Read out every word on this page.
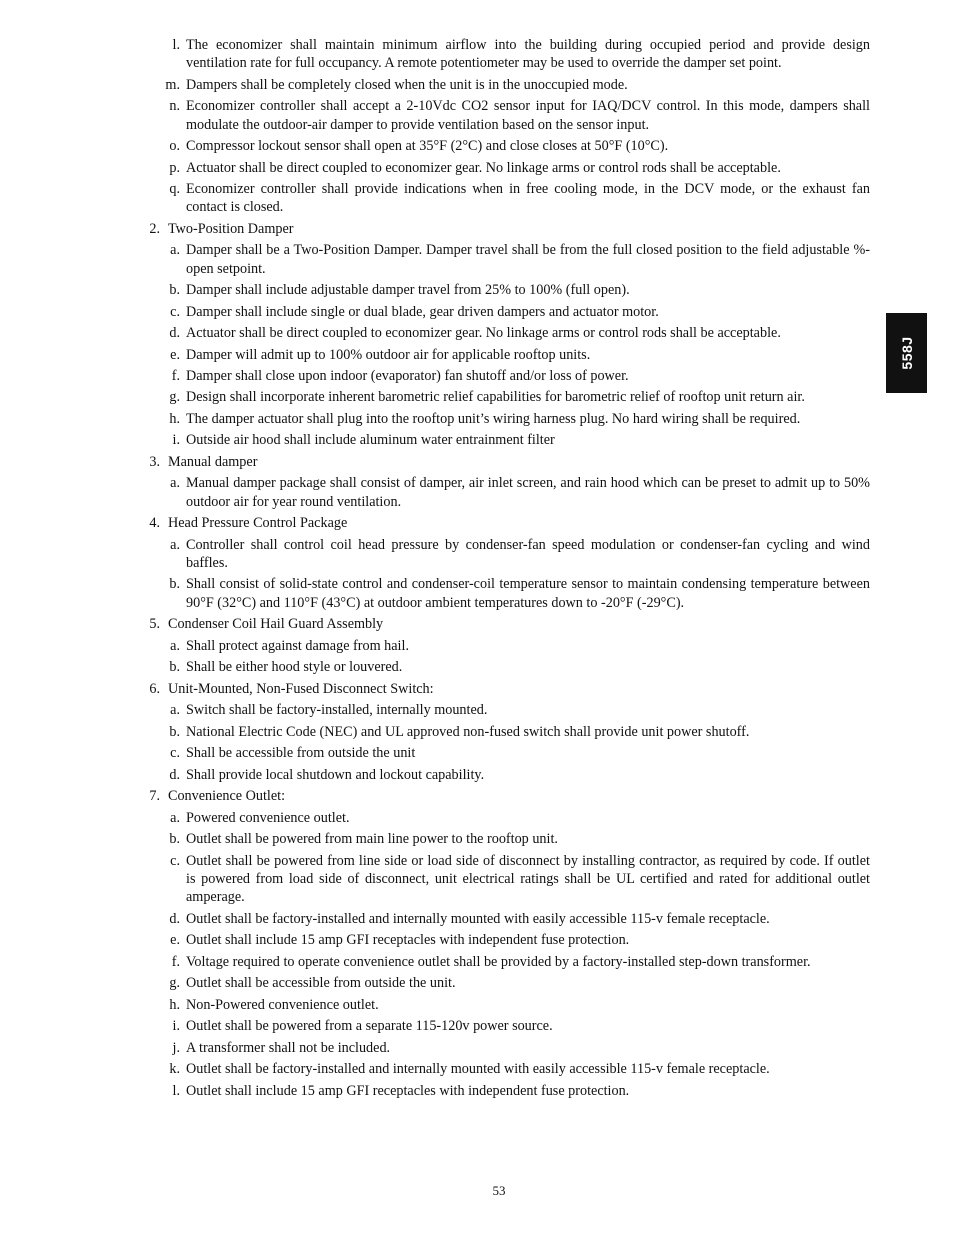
l. The economizer shall maintain minimum airflow into the building during occupied period and provide design ventilation rate for full occupancy. A remote potentiometer may be used to override the damper set point.
m. Dampers shall be completely closed when the unit is in the unoccupied mode.
n. Economizer controller shall accept a 2-10Vdc CO2 sensor input for IAQ/DCV control. In this mode, dampers shall modulate the outdoor-air damper to provide ventilation based on the sensor input.
o. Compressor lockout sensor shall open at 35°F (2°C) and close closes at 50°F (10°C).
p. Actuator shall be direct coupled to economizer gear. No linkage arms or control rods shall be acceptable.
q. Economizer controller shall provide indications when in free cooling mode, in the DCV mode, or the exhaust fan contact is closed.
2. Two-Position Damper
a. Damper shall be a Two-Position Damper. Damper travel shall be from the full closed position to the field adjustable %-open setpoint.
b. Damper shall include adjustable damper travel from 25% to 100% (full open).
c. Damper shall include single or dual blade, gear driven dampers and actuator motor.
d. Actuator shall be direct coupled to economizer gear. No linkage arms or control rods shall be acceptable.
e. Damper will admit up to 100% outdoor air for applicable rooftop units.
f. Damper shall close upon indoor (evaporator) fan shutoff and/or loss of power.
g. Design shall incorporate inherent barometric relief capabilities for barometric relief of rooftop unit return air.
h. The damper actuator shall plug into the rooftop unit’s wiring harness plug. No hard wiring shall be required.
i. Outside air hood shall include aluminum water entrainment filter
3. Manual damper
a. Manual damper package shall consist of damper, air inlet screen, and rain hood which can be preset to admit up to 50% outdoor air for year round ventilation.
4. Head Pressure Control Package
a. Controller shall control coil head pressure by condenser-fan speed modulation or condenser-fan cycling and wind baffles.
b. Shall consist of solid-state control and condenser-coil temperature sensor to maintain condensing temperature between 90°F (32°C) and 110°F (43°C) at outdoor ambient temperatures down to -20°F (-29°C).
5. Condenser Coil Hail Guard Assembly
a. Shall protect against damage from hail.
b. Shall be either hood style or louvered.
6. Unit-Mounted, Non-Fused Disconnect Switch:
a. Switch shall be factory-installed, internally mounted.
b. National Electric Code (NEC) and UL approved non-fused switch shall provide unit power shutoff.
c. Shall be accessible from outside the unit
d. Shall provide local shutdown and lockout capability.
7. Convenience Outlet:
a. Powered convenience outlet.
b. Outlet shall be powered from main line power to the rooftop unit.
c. Outlet shall be powered from line side or load side of disconnect by installing contractor, as required by code. If outlet is powered from load side of disconnect, unit electrical ratings shall be UL certified and rated for additional outlet amperage.
d. Outlet shall be factory-installed and internally mounted with easily accessible 115-v female receptacle.
e. Outlet shall include 15 amp GFI receptacles with independent fuse protection.
f. Voltage required to operate convenience outlet shall be provided by a factory-installed step-down transformer.
g. Outlet shall be accessible from outside the unit.
h. Non-Powered convenience outlet.
i. Outlet shall be powered from a separate 115-120v power source.
j. A transformer shall not be included.
k. Outlet shall be factory-installed and internally mounted with easily accessible 115-v female receptacle.
l. Outlet shall include 15 amp GFI receptacles with independent fuse protection.
558J
53
